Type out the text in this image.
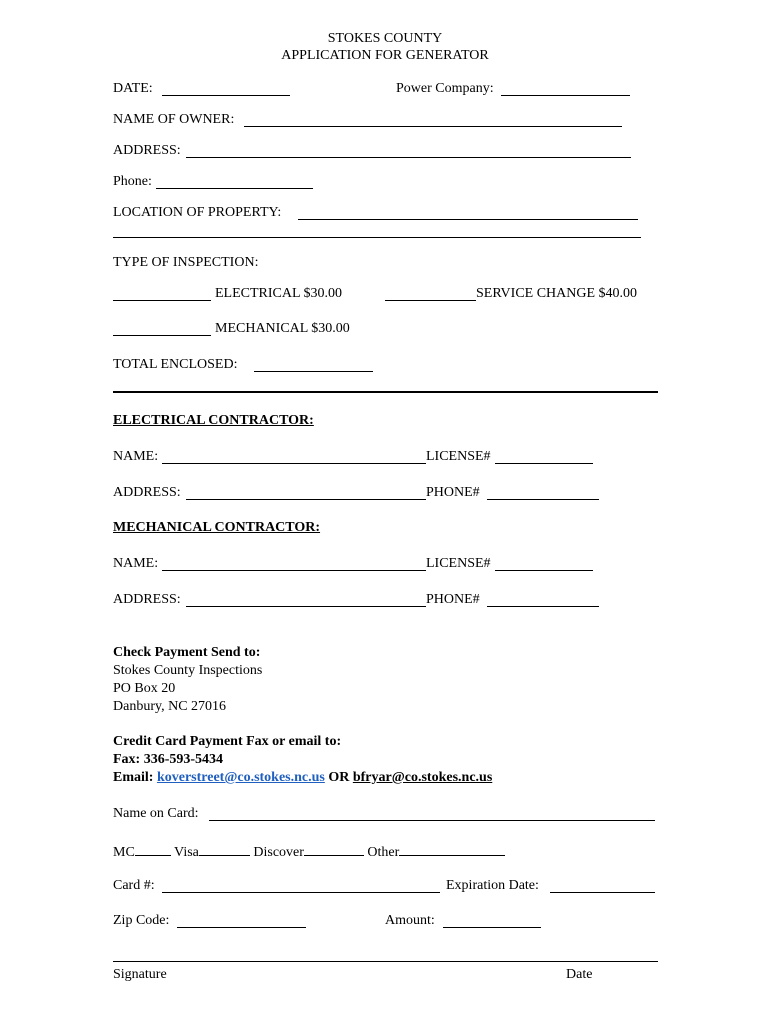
STOKES COUNTY
APPLICATION FOR GENERATOR
DATE:	Power Company:
NAME OF OWNER:
ADDRESS:
Phone:
LOCATION OF PROPERTY:
TYPE OF INSPECTION:
ELECTRICAL $30.00	SERVICE CHANGE $40.00
MECHANICAL $30.00
TOTAL ENCLOSED:
ELECTRICAL CONTRACTOR:
NAME:	LICENSE#
ADDRESS:	PHONE#
MECHANICAL CONTRACTOR:
NAME:	LICENSE#
ADDRESS:	PHONE#
Check Payment Send to:
Stokes County Inspections
PO Box 20
Danbury, NC 27016
Credit Card Payment Fax or email to:
Fax: 336-593-5434
Email: koverstreet@co.stokes.nc.us OR bfryar@co.stokes.nc.us
Name on Card:
MC	Visa	Discover	Other
Card #:	Expiration Date:
Zip Code:	Amount:
Signature	Date
